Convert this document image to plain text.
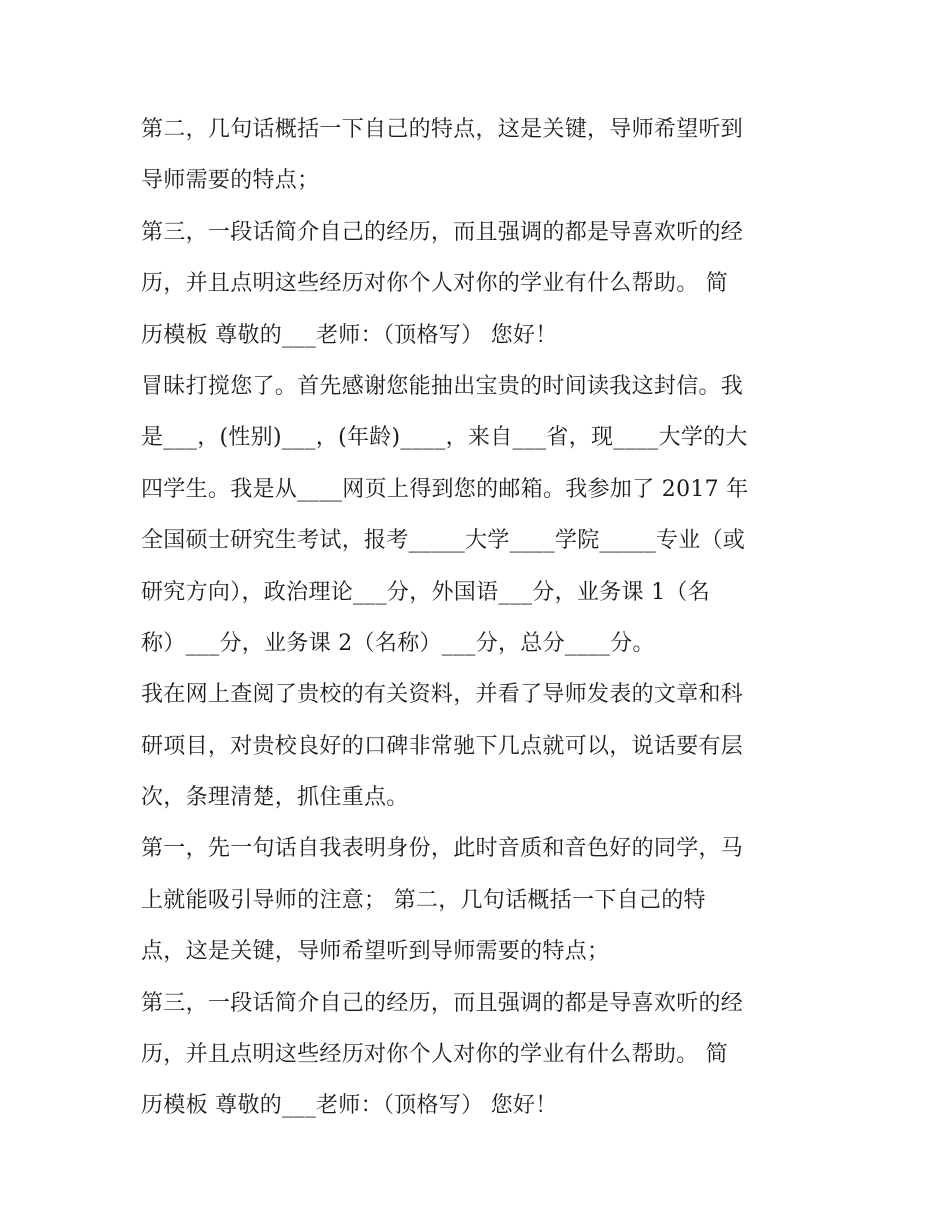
第二，几句话概括一下自己的特点，这是关键，导师希望听到
导师需要的特点；
第三，一段话简介自己的经历，而且强调的都是导喜欢听的经
历，并且点明这些经历对你个人对你的学业有什么帮助。 简
历模板 尊敬的___老师：（顶格写） 您好！
冒昧打搅您了。首先感谢您能抽出宝贵的时间读我这封信。我
是___，(性别)___，(年龄)____，来自___省，现____大学的大
四学生。我是从____网页上得到您的邮箱。我参加了 2017 年
全国硕士研究生考试，报考_____大学____学院_____专业（或
研究方向），政治理论___分，外国语___分，业务课 1（名
称）___分，业务课 2（名称）___分，总分____分。
我在网上查阅了贵校的有关资料，并看了导师发表的文章和科
研项目，对贵校良好的口碑非常驰下几点就可以，说话要有层
次，条理清楚，抓住重点。
第一，先一句话自我表明身份，此时音质和音色好的同学，马
上就能吸引导师的注意； 第二，几句话概括一下自己的特
点，这是关键，导师希望听到导师需要的特点；
第三，一段话简介自己的经历，而且强调的都是导喜欢听的经
历，并且点明这些经历对你个人对你的学业有什么帮助。 简
历模板 尊敬的___老师：（顶格写） 您好！
